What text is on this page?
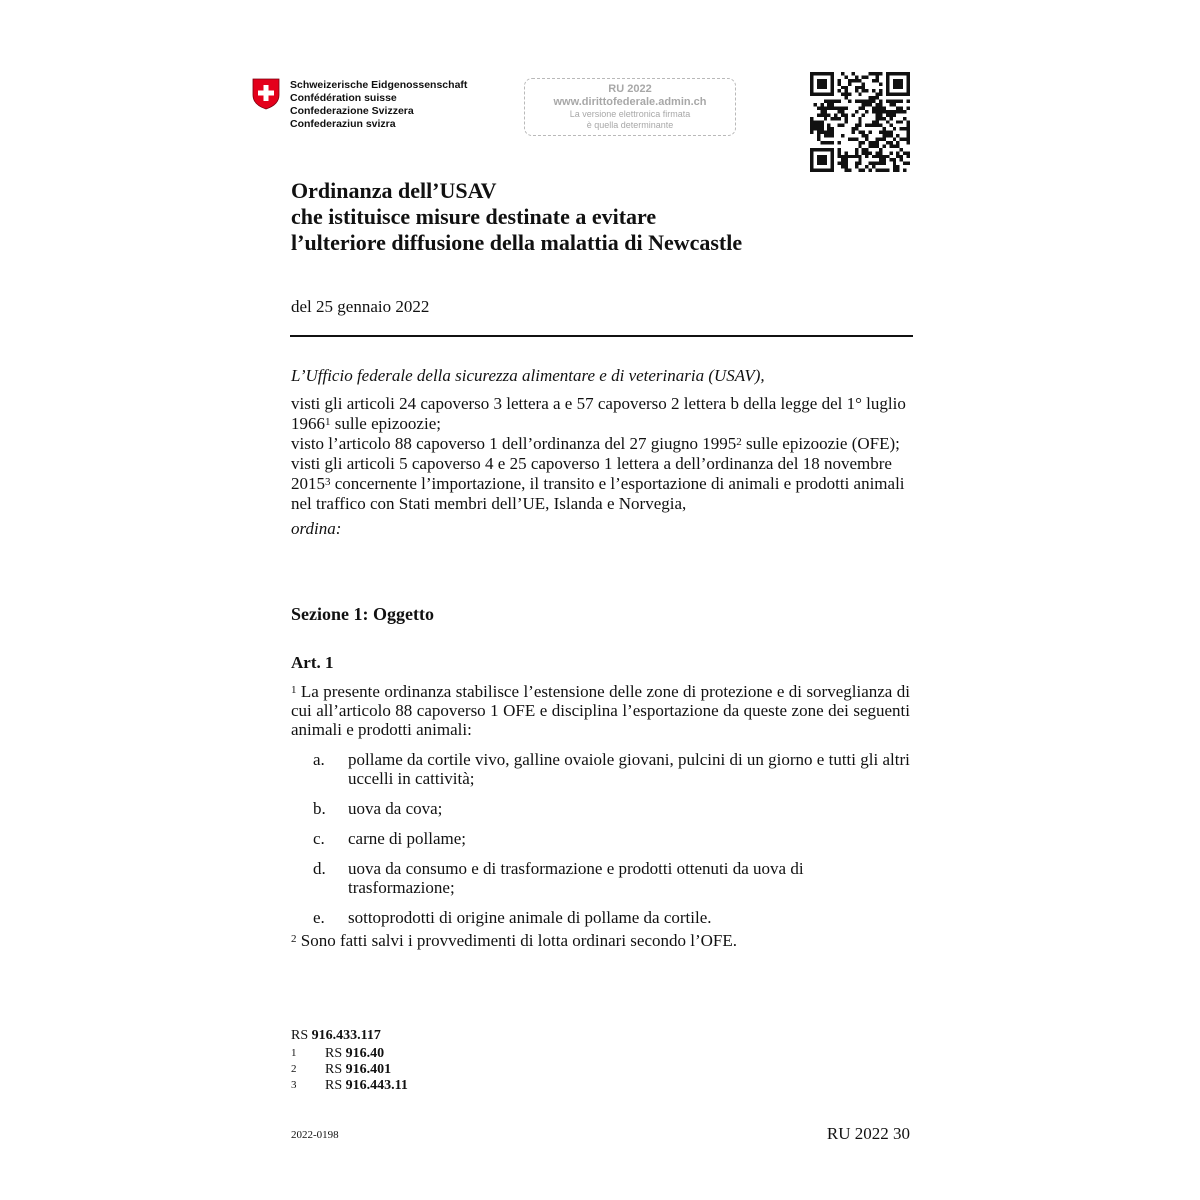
Schweizerische Eidgenossenschaft
Confédération suisse
Confederazione Svizzera
Confederaziun svizra
RU 2022
www.dirittofederale.admin.ch
La versione elettronica firmata
è quella determinante
Ordinanza dell’USAV
che istituisce misure destinate a evitare
l’ulteriore diffusione della malattia di Newcastle
del 25 gennaio 2022
L’Ufficio federale della sicurezza alimentare e di veterinaria (USAV),
visti gli articoli 24 capoverso 3 lettera a e 57 capoverso 2 lettera b della legge del 1° luglio 1966$^1$ sulle epizoozie;
visto l’articolo 88 capoverso 1 dell’ordinanza del 27 giugno 1995$^2$ sulle epizoozie (OFE);
visti gli articoli 5 capoverso 4 e 25 capoverso 1 lettera a dell’ordinanza del 18 novembre 2015$^3$ concernente l’importazione, il transito e l’esportazione di animali e prodotti animali nel traffico con Stati membri dell’UE, Islanda e Norvegia,
ordina:
Sezione 1: Oggetto
Art. 1
$^1$ La presente ordinanza stabilisce l’estensione delle zone di protezione e di sorveglianza di cui all’articolo 88 capoverso 1 OFE e disciplina l’esportazione da queste zone dei seguenti animali e prodotti animali:
a.	pollame da cortile vivo, galline ovaiole giovani, pulcini di un giorno e tutti gli altri uccelli in cattività;
b.	uova da cova;
c.	carne di pollame;
d.	uova da consumo e di trasformazione e prodotti ottenuti da uova di trasformazione;
e.	sottoprodotti di origine animale di pollame da cortile.
$^2$ Sono fatti salvi i provvedimenti di lotta ordinari secondo l’OFE.
RS 916.433.117
1	RS 916.40
2	RS 916.401
3	RS 916.443.11
2022-0198	RU 2022 30
